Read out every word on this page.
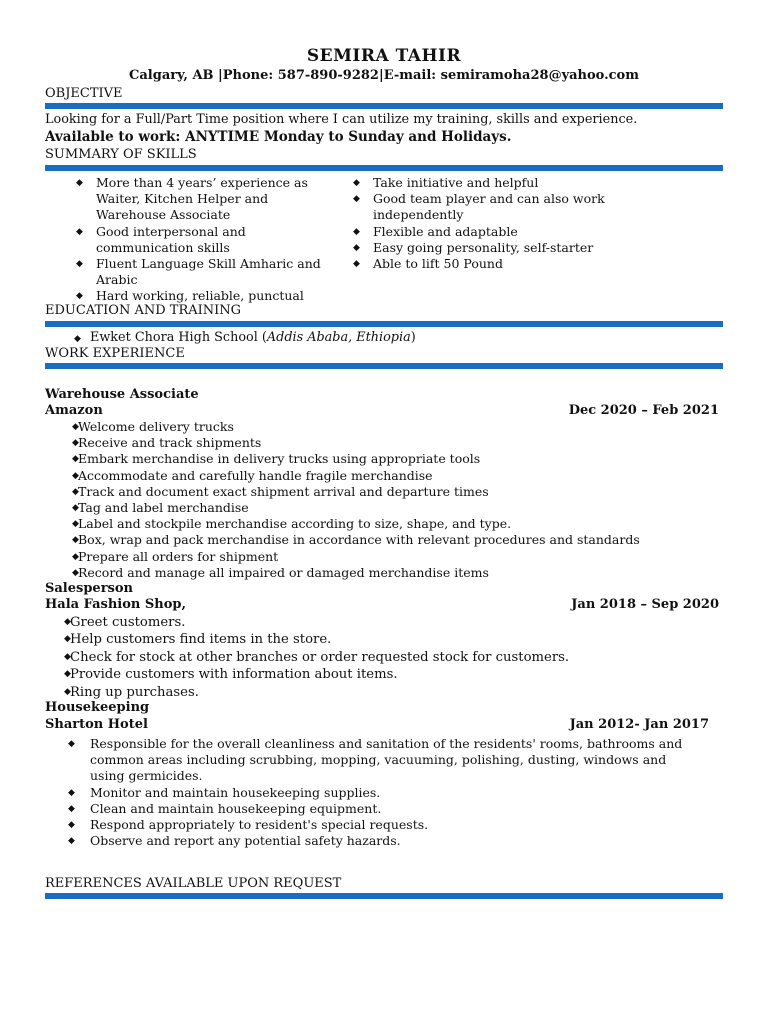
SEMIRA TAHIR
Calgary, AB |Phone: 587-890-9282|E-mail: semiramoha28@yahoo.com
OBJECTIVE
Looking for a Full/Part Time position where I can utilize my training, skills and experience.
Available to work: ANYTIME Monday to Sunday and Holidays.
SUMMARY OF SKILLS
◆ More than 4 years’ experience as
Waiter, Kitchen Helper and
Warehouse Associate
◆ Good interpersonal and
communication skills
◆ Fluent Language Skill Amharic and
Arabic
◆ Hard working, reliable, punctual
◆ Take initiative and helpful
◆ Good team player and can also work
independently
◆ Flexible and adaptable
◆ Easy going personality, self-starter
◆ Able to lift 50 Pound
EDUCATION AND TRAINING
◆ Ewket Chora High School (Addis Ababa, Ethiopia)
WORK EXPERIENCE
Warehouse Associate
Amazon	Dec 2020 – Feb 2021
◆ Welcome delivery trucks
◆ Receive and track shipments
◆ Embark merchandise in delivery trucks using appropriate tools
◆ Accommodate and carefully handle fragile merchandise
◆ Track and document exact shipment arrival and departure times
◆ Tag and label merchandise
◆ Label and stockpile merchandise according to size, shape, and type.
◆ Box, wrap and pack merchandise in accordance with relevant procedures and standards
◆ Prepare all orders for shipment
◆ Record and manage all impaired or damaged merchandise items
Salesperson
Hala Fashion Shop,	Jan 2018 – Sep 2020
◆ Greet customers.
◆ Help customers find items in the store.
◆ Check for stock at other branches or order requested stock for customers.
◆ Provide customers with information about items.
◆ Ring up purchases.
Housekeeping
Sharton Hotel	Jan 2012- Jan 2017
◆ Responsible for the overall cleanliness and sanitation of the residents' rooms, bathrooms and
common areas including scrubbing, mopping, vacuuming, polishing, dusting, windows and
using germicides.
◆ Monitor and maintain housekeeping supplies.
◆ Clean and maintain housekeeping equipment.
◆ Respond appropriately to resident's special requests.
◆ Observe and report any potential safety hazards.
REFERENCES AVAILABLE UPON REQUEST
